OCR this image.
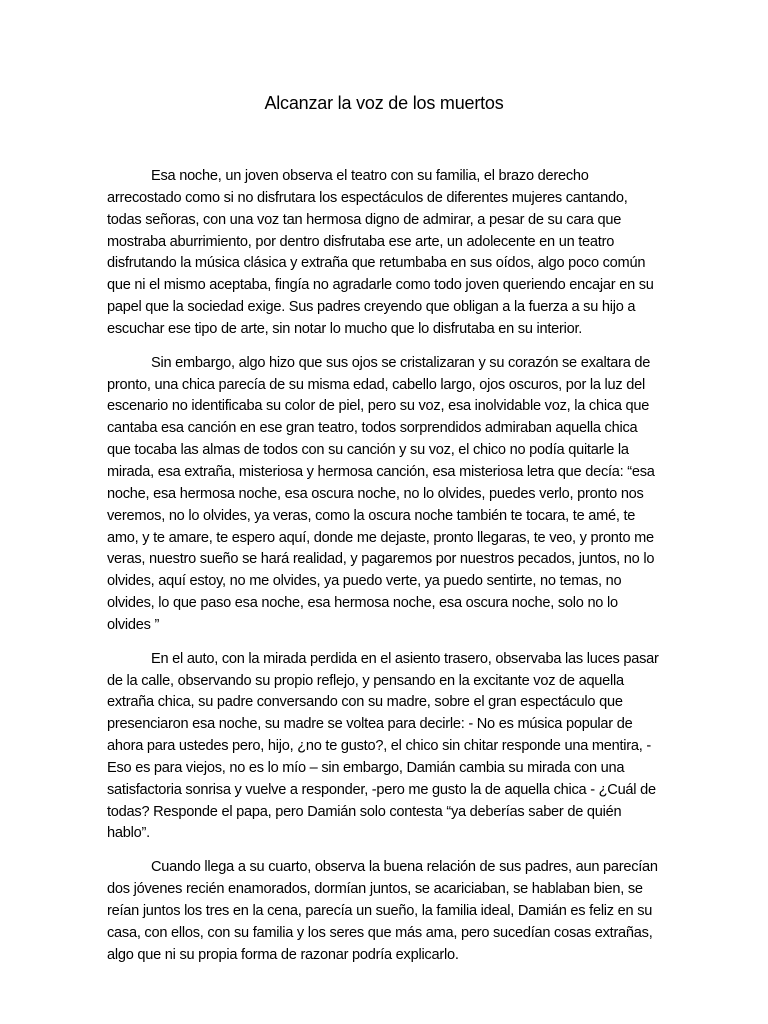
Alcanzar la voz de los muertos

Esa noche, un joven observa el teatro con su familia, el brazo derecho arrecostado como si no disfrutara los espectáculos de diferentes mujeres cantando, todas señoras, con una voz tan hermosa digno de admirar, a pesar de su cara que mostraba aburrimiento, por dentro disfrutaba ese arte, un adolecente en un teatro disfrutando la música clásica y extraña que retumbaba en sus oídos, algo poco común que ni el mismo aceptaba, fingía no agradarle como todo joven queriendo encajar en su papel que la sociedad exige. Sus padres creyendo que obligan a la fuerza a su hijo a escuchar ese tipo de arte, sin notar lo mucho que lo disfrutaba en su interior.

Sin embargo, algo hizo que sus ojos se cristalizaran y su corazón se exaltara de pronto, una chica parecía de su misma edad, cabello largo, ojos oscuros, por la luz del escenario no identificaba su color de piel, pero su voz, esa inolvidable voz, la chica que cantaba esa canción en ese gran teatro, todos sorprendidos admiraban aquella chica que tocaba las almas de todos con su canción y su voz, el chico no podía quitarle la mirada, esa extraña, misteriosa y hermosa canción, esa misteriosa letra que decía: “esa noche, esa hermosa noche, esa oscura noche, no lo olvides, puedes verlo, pronto nos veremos, no lo olvides, ya veras, como la oscura noche también te tocara, te amé, te amo, y te amare, te espero aquí, donde me dejaste, pronto llegaras, te veo, y pronto me veras, nuestro sueño se hará realidad, y pagaremos por nuestros pecados, juntos, no lo olvides, aquí estoy, no me olvides, ya puedo verte, ya puedo sentirte, no temas, no olvides, lo que paso esa noche, esa hermosa noche, esa oscura noche, solo no lo olvides ”

En el auto, con la mirada perdida en el asiento trasero, observaba las luces pasar de la calle, observando su propio reflejo, y pensando en la excitante voz de aquella extraña chica, su padre conversando con su madre, sobre el gran espectáculo que presenciaron esa noche, su madre se voltea para decirle: - No es música popular de ahora para ustedes pero, hijo, ¿no te gusto?, el chico sin chitar responde una mentira, - Eso es para viejos, no es lo mío – sin embargo, Damián cambia su mirada con una satisfactoria sonrisa y vuelve a responder, -pero me gusto la de aquella chica - ¿Cuál de todas? Responde el papa, pero Damián solo contesta “ya deberías saber de quién hablo”.

Cuando llega a su cuarto, observa la buena relación de sus padres, aun parecían dos jóvenes recién enamorados, dormían juntos, se acariciaban, se hablaban bien, se reían juntos los tres en la cena, parecía un sueño, la familia ideal, Damián es feliz en su casa, con ellos, con su familia y los seres que más ama, pero sucedían cosas extrañas, algo que ni su propia forma de razonar podría explicarlo.
